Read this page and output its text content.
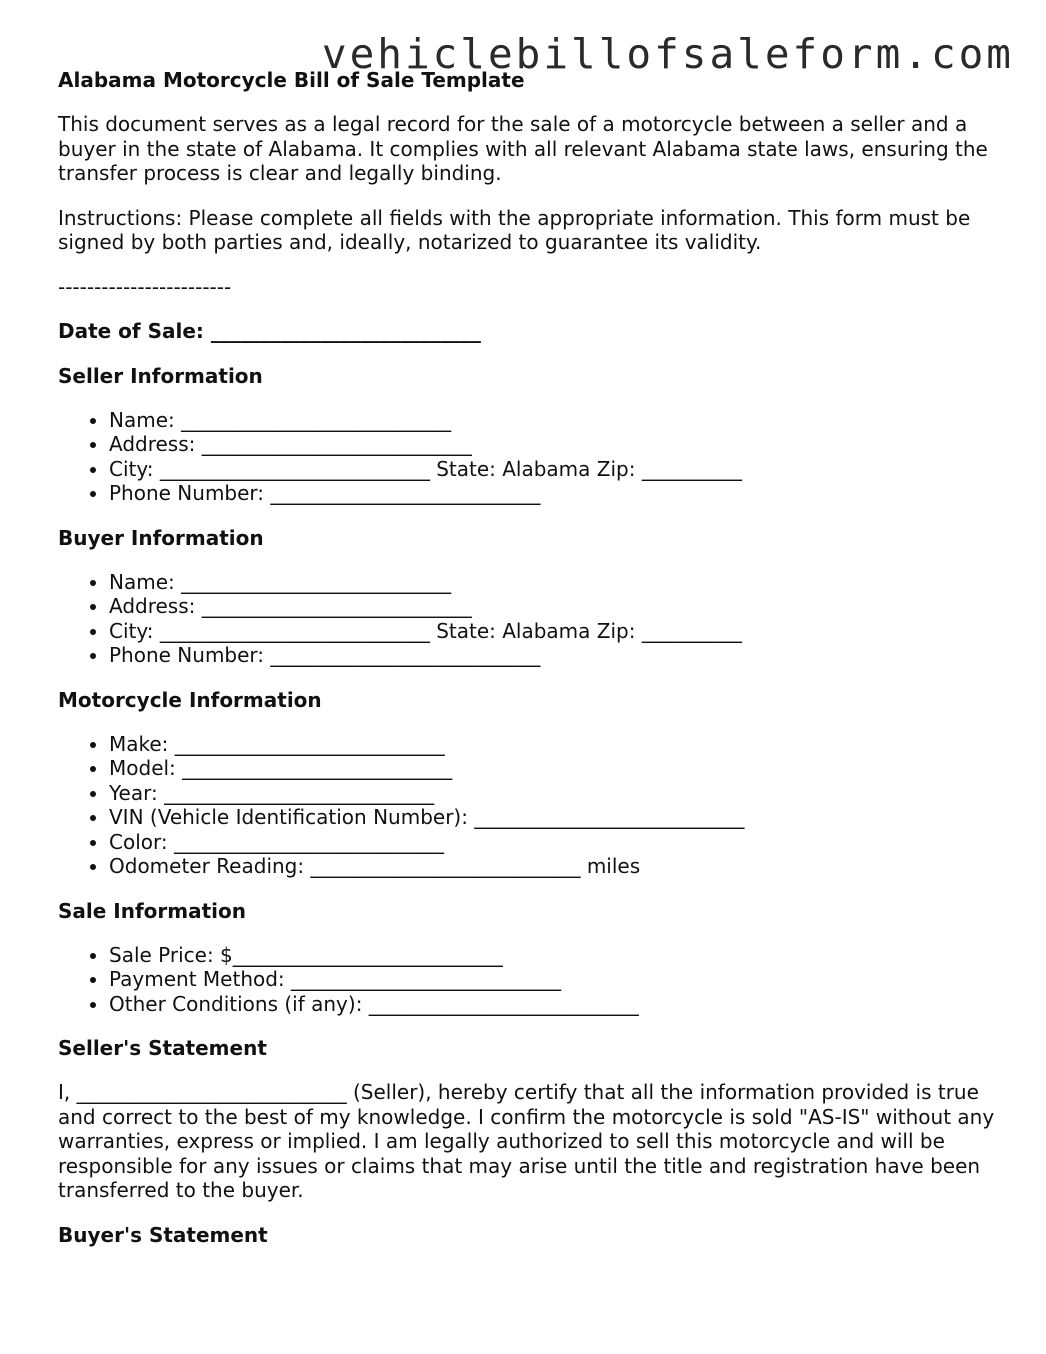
vehiclebillofsaleform.com
Alabama Motorcycle Bill of Sale Template

This document serves as a legal record for the sale of a motorcycle between a seller and a buyer in the state of Alabama. It complies with all relevant Alabama state laws, ensuring the transfer process is clear and legally binding.

Instructions: Please complete all fields with the appropriate information. This form must be signed by both parties and, ideally, notarized to guarantee its validity.

------------------------

Date of Sale: ___________________________

Seller Information
• Name: ___________________________
• Address: ___________________________
• City: ___________________________ State: Alabama Zip: __________
• Phone Number: ___________________________
Buyer Information
• Name: ___________________________
• Address: ___________________________
• City: ___________________________ State: Alabama Zip: __________
• Phone Number: ___________________________
Motorcycle Information
• Make: ___________________________
• Model: ___________________________
• Year: ___________________________
• VIN (Vehicle Identification Number): ___________________________
• Color: ___________________________
• Odometer Reading: ___________________________ miles
Sale Information
• Sale Price: $___________________________
• Payment Method: ___________________________
• Other Conditions (if any): ___________________________
Seller's Statement

I, ___________________________ (Seller), hereby certify that all the information provided is true and correct to the best of my knowledge. I confirm the motorcycle is sold "AS-IS" without any warranties, express or implied. I am legally authorized to sell this motorcycle and will be responsible for any issues or claims that may arise until the title and registration have been transferred to the buyer.

Buyer's Statement
